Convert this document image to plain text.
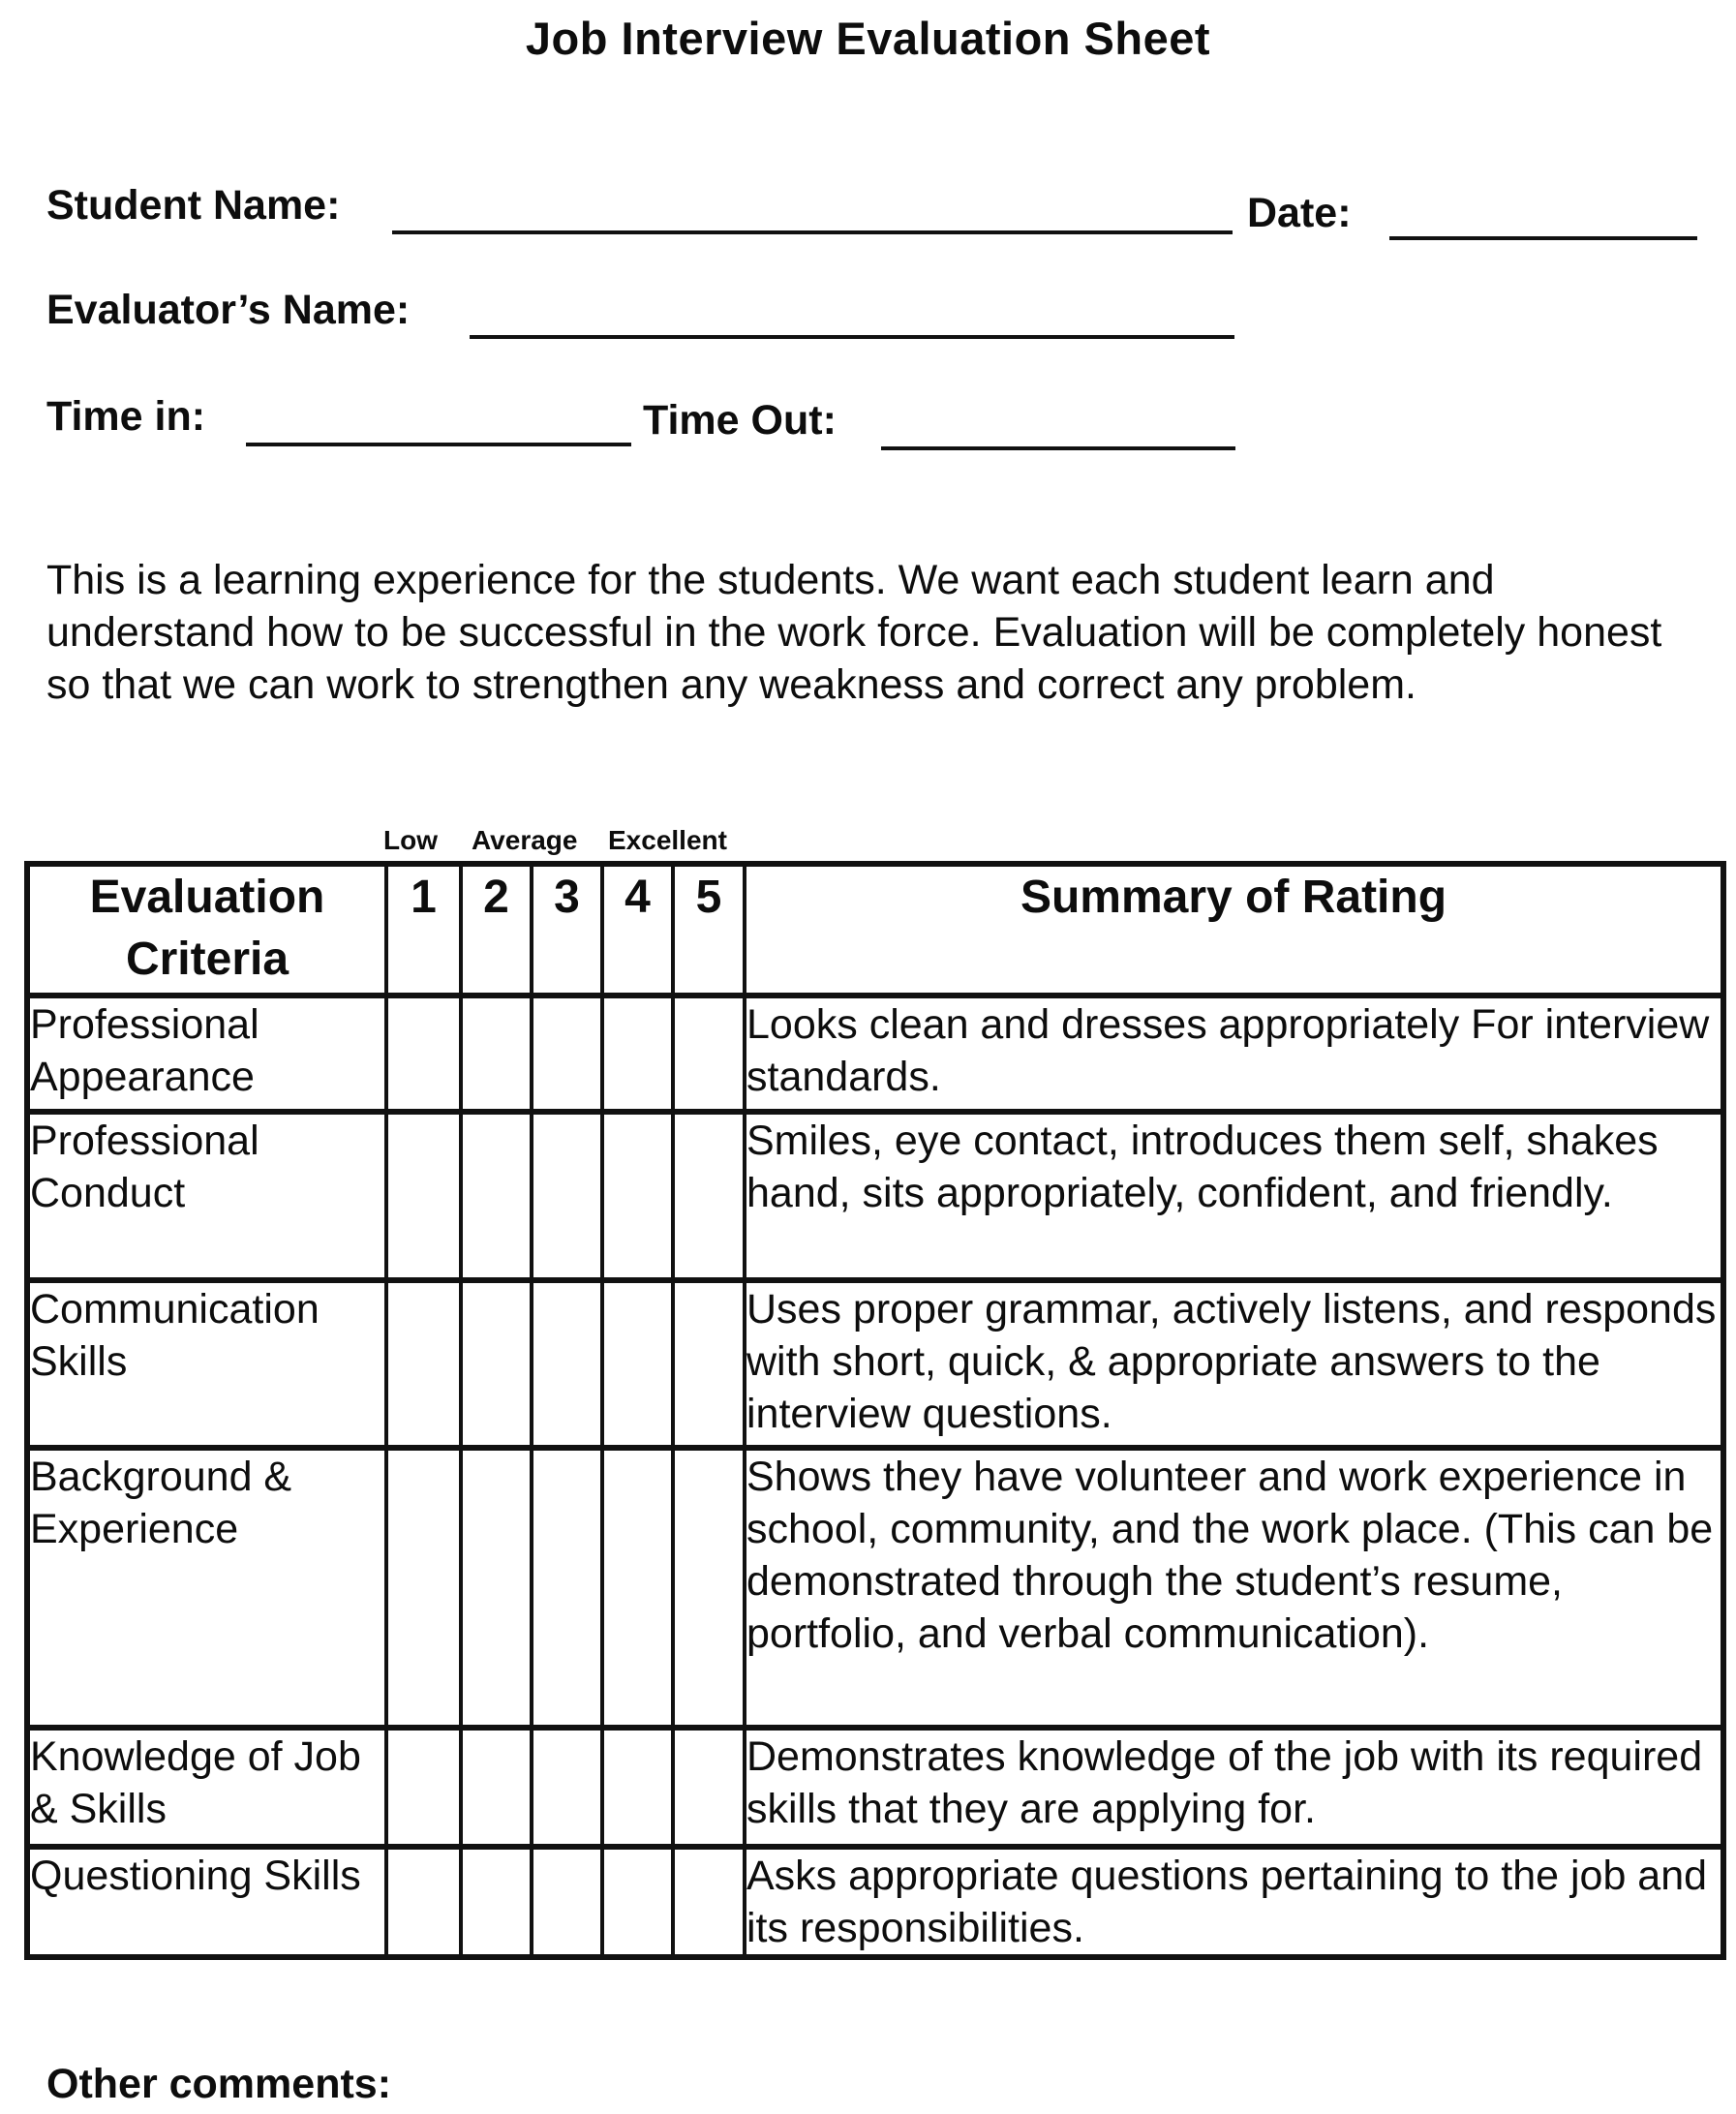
Job Interview Evaluation Sheet
Student Name:	Date:
Evaluator’s Name:
Time in:	Time Out:
This is a learning experience for the students. We want each student learn and understand how to be successful in the work force. Evaluation will be completely honest so that we can work to strengthen any weakness and correct any problem.
Low Average Excellent
Evaluation Criteria	1	2	3	4	5	Summary of Rating
Professional Appearance						Looks clean and dresses appropriately For interview standards.
Professional Conduct						Smiles, eye contact, introduces them self, shakes hand, sits appropriately, confident, and friendly.
Communication Skills						Uses proper grammar, actively listens, and responds with short, quick, & appropriate answers to the interview questions.
Background & Experience						Shows they have volunteer and work experience in school, community, and the work place. (This can be demonstrated through the student’s resume, portfolio, and verbal communication).
Knowledge of Job & Skills						Demonstrates knowledge of the job with its required skills that they are applying for.
Questioning Skills						Asks appropriate questions pertaining to the job and its responsibilities.
Other comments:
